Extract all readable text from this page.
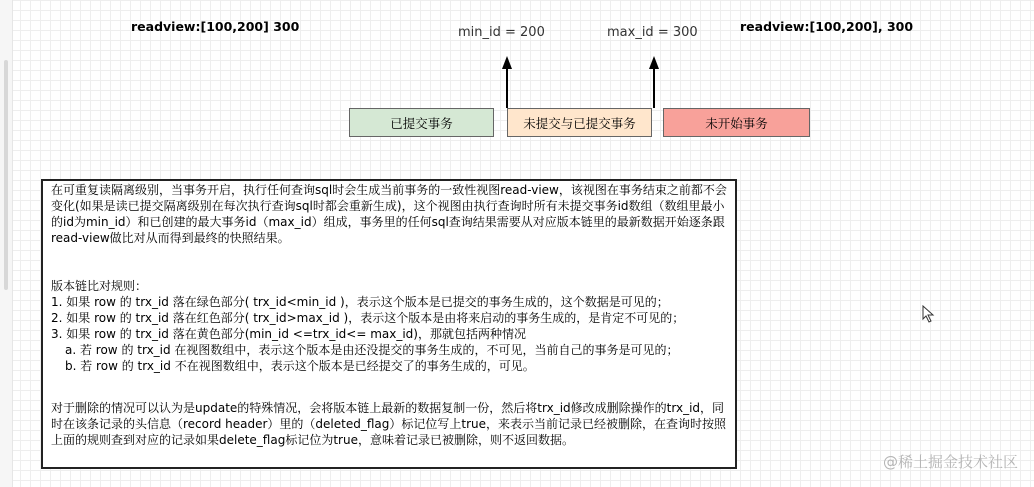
readview:[100,200] 300	readview:[100,200], 300
min_id = 200	max_id = 300
已提交事务	未提交与已提交事务	未开始事务

在可重复读隔离级别，当事务开启，执行任何查询sql时会生成当前事务的一致性视图read-view，该视图在事务结束之前都不会变化(如果是读已提交隔离级别在每次执行查询sql时都会重新生成)，这个视图由执行查询时所有未提交事务id数组（数组里最小的id为min_id）和已创建的最大事务id（max_id）组成，事务里的任何sql查询结果需要从对应版本链里的最新数据开始逐条跟read-view做比对从而得到最终的快照结果。

版本链比对规则：

1. 如果 row 的 trx_id 落在绿色部分( trx_id<min_id )，表示这个版本是已提交的事务生成的，这个数据是可见的；

2. 如果 row 的 trx_id 落在红色部分( trx_id>max_id )，表示这个版本是由将来启动的事务生成的，是肯定不可见的；

3. 如果 row 的 trx_id 落在黄色部分(min_id <=trx_id<= max_id)，那就包括两种情况

a. 若 row 的 trx_id 在视图数组中，表示这个版本是由还没提交的事务生成的，不可见，当前自己的事务是可见的；

b. 若 row 的 trx_id 不在视图数组中，表示这个版本是已经提交了的事务生成的，可见。

对于删除的情况可以认为是update的特殊情况，会将版本链上最新的数据复制一份，然后将trx_id修改成删除操作的trx_id，同时在该条记录的头信息（record header）里的（deleted_flag）标记位写上true，来表示当前记录已经被删除，在查询时按照上面的规则查到对应的记录如果delete_flag标记位为true，意味着记录已被删除，则不返回数据。

@稀土掘金技术社区
